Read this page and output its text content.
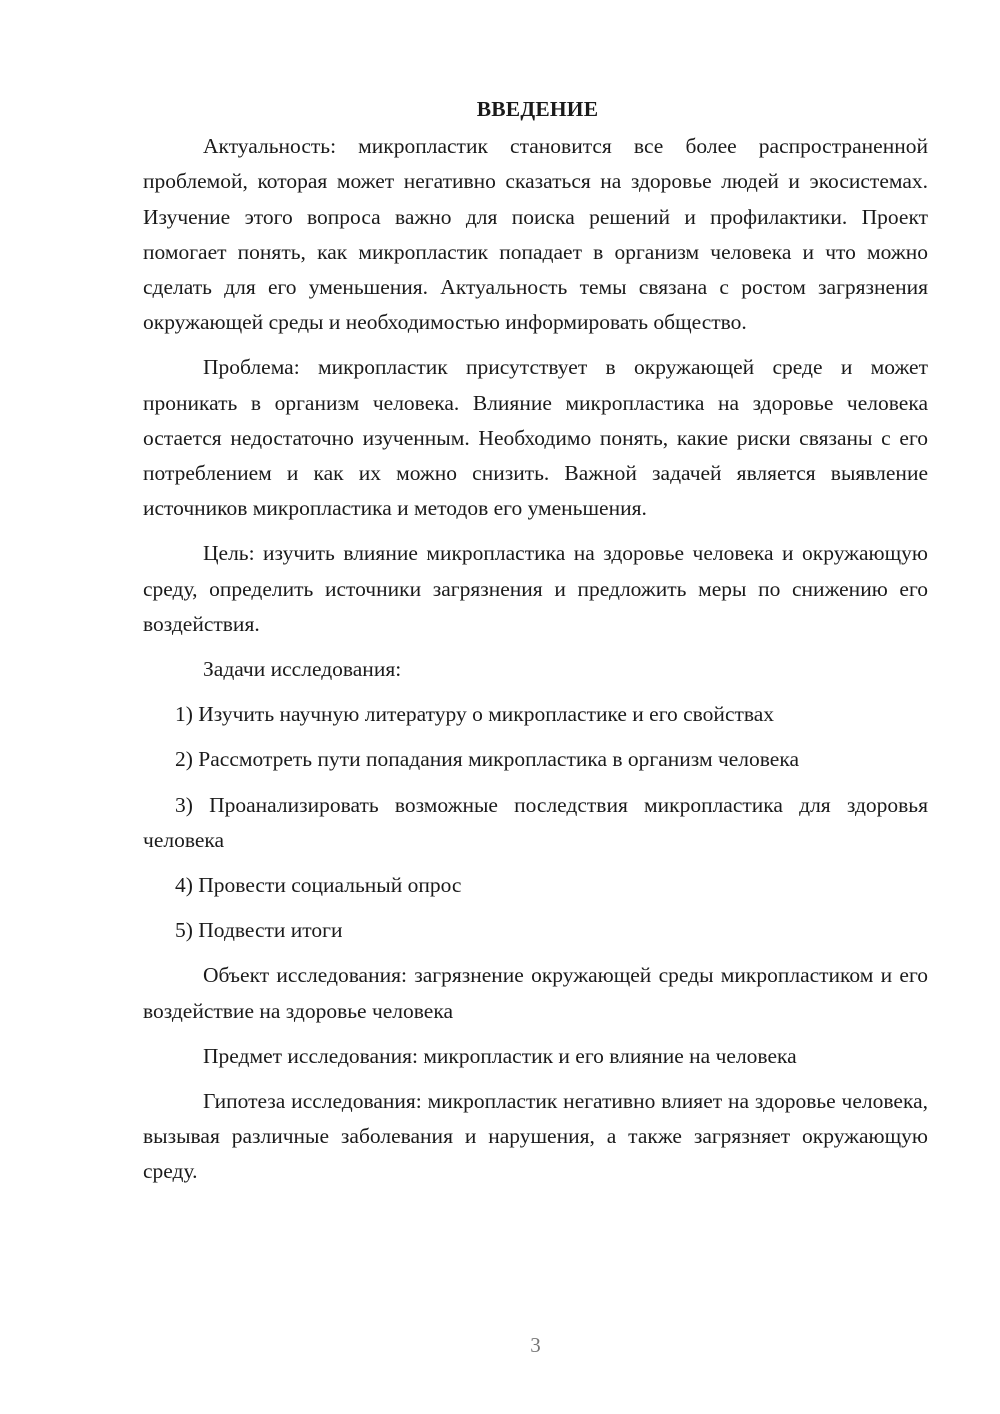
ВВЕДЕНИЕ

Актуальность: микропластик становится все более распространенной проблемой, которая может негативно сказаться на здоровье людей и экосистемах. Изучение этого вопроса важно для поиска решений и профилактики. Проект помогает понять, как микропластик попадает в организм человека и что можно сделать для его уменьшения. Актуальность темы связана с ростом загрязнения окружающей среды и необходимостью информировать общество.

Проблема: микропластик присутствует в окружающей среде и может проникать в организм человека. Влияние микропластика на здоровье человека остается недостаточно изученным. Необходимо понять, какие риски связаны с его потреблением и как их можно снизить. Важной задачей является выявление источников микропластика и методов его уменьшения.

Цель: изучить влияние микропластика на здоровье человека и окружающую среду, определить источники загрязнения и предложить меры по снижению его воздействия.

Задачи исследования:

1) Изучить научную литературу о микропластике и его свойствах

2) Рассмотреть пути попадания микропластика в организм человека

3) Проанализировать возможные последствия микропластика для здоровья человека

4) Провести социальный опрос

5) Подвести итоги

Объект исследования: загрязнение окружающей среды микропластиком и его воздействие на здоровье человека

Предмет исследования: микропластик и его влияние на человека

Гипотеза исследования: микропластик негативно влияет на здоровье человека, вызывая различные заболевания и нарушения, а также загрязняет окружающую среду.

3
